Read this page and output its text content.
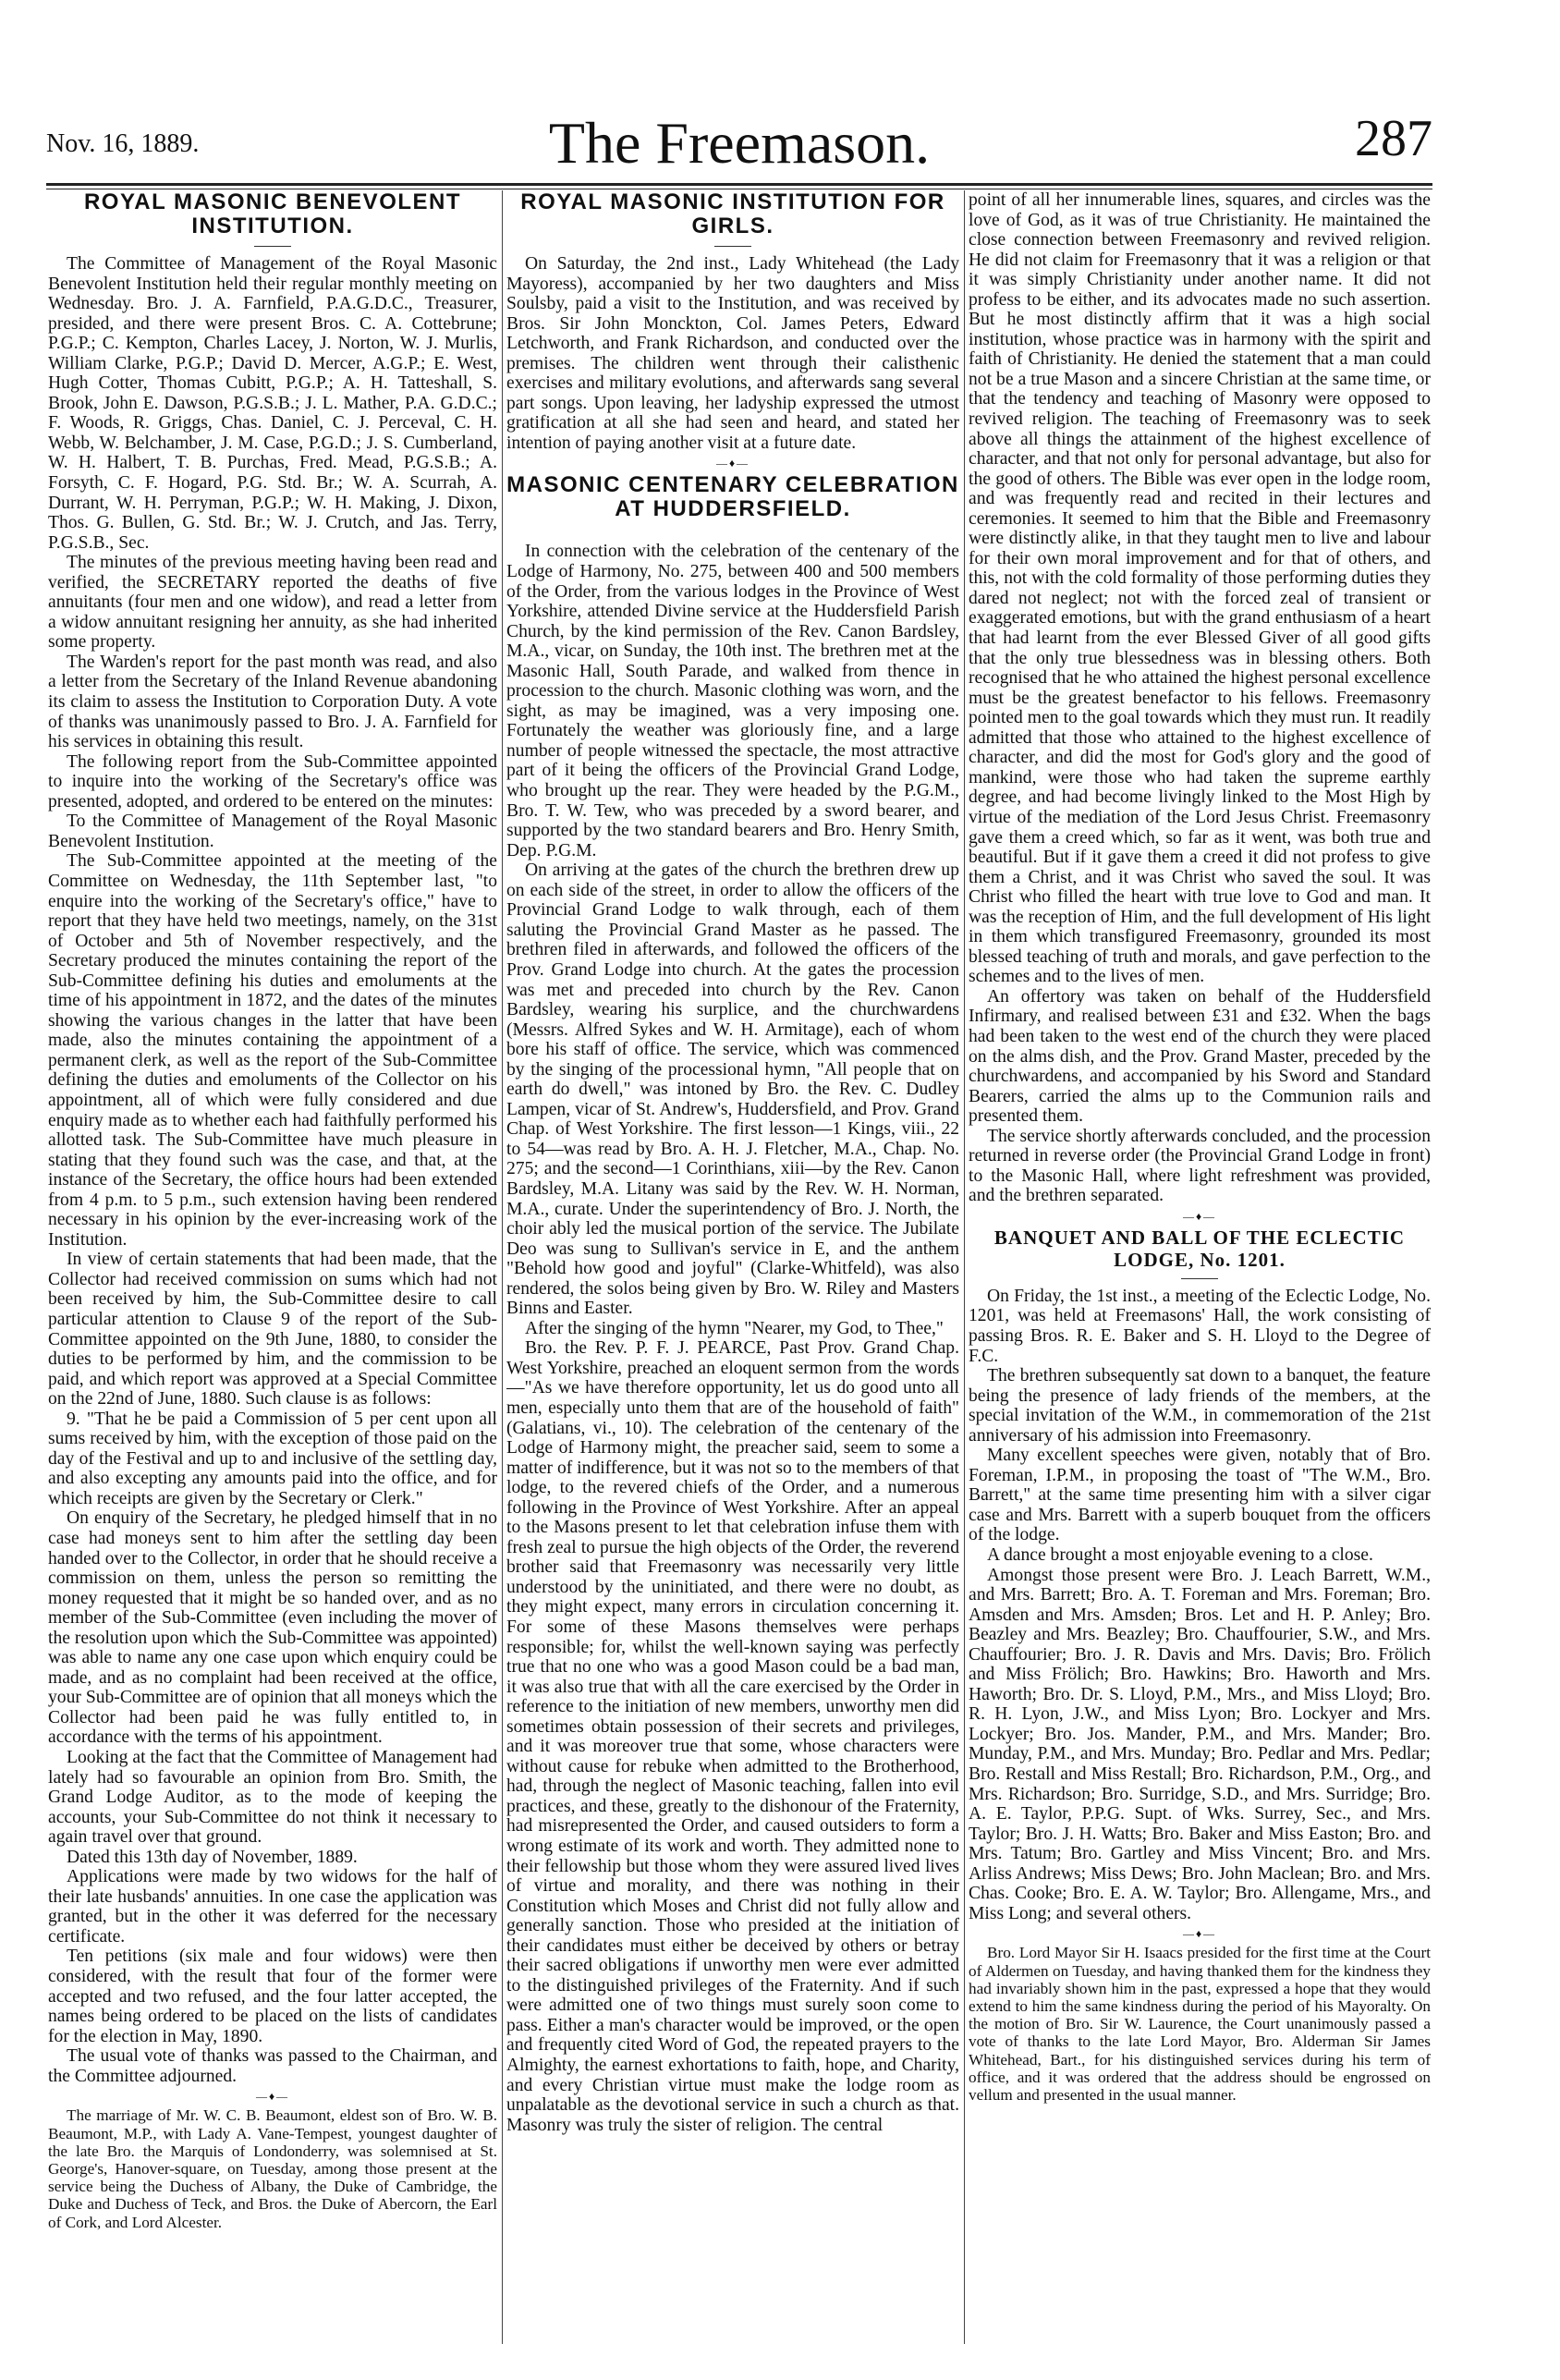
Nov. 16, 1889.	The Freemason.	287
ROYAL MASONIC BENEVOLENT INSTITUTION.

The Committee of Management of the Royal Masonic Benevolent Institution held their regular monthly meeting on Wednesday. Bro. J. A. Farnfield, P.A.G.D.C., Treasurer, presided, and there were present Bros. C. A. Cottebrune; P.G.P.; C. Kempton, Charles Lacey, J. Norton, W. J. Murlis, William Clarke, P.G.P.; David D. Mercer, A.G.P.; E. West, Hugh Cotter, Thomas Cubitt, P.G.P.; A. H. Tatteshall, S. Brook, John E. Dawson, P.G.S.B.; J. L. Mather, P.A. G.D.C.; F. Woods, R. Griggs, Chas. Daniel, C. J. Perceval, C. H. Webb, W. Belchamber, J. M. Case, P.G.D.; J. S. Cumberland, W. H. Halbert, T. B. Purchas, Fred. Mead, P.G.S.B.; A. Forsyth, C. F. Hogard, P.G. Std. Br.; W. A. Scurrah, A. Durrant, W. H. Perryman, P.G.P.; W. H. Making, J. Dixon, Thos. G. Bullen, G. Std. Br.; W. J. Crutch, and Jas. Terry, P.G.S.B., Sec.

The minutes of the previous meeting having been read and verified, the SECRETARY reported the deaths of five annuitants (four men and one widow), and read a letter from a widow annuitant resigning her annuity, as she had inherited some property.

The Warden's report for the past month was read, and also a letter from the Secretary of the Inland Revenue abandoning its claim to assess the Institution to Corporation Duty. A vote of thanks was unanimously passed to Bro. J. A. Farnfield for his services in obtaining this result.

The following report from the Sub-Committee appointed to inquire into the working of the Secretary's office was presented, adopted, and ordered to be entered on the minutes:

To the Committee of Management of the Royal Masonic Benevolent Institution.

The Sub-Committee appointed at the meeting of the Committee on Wednesday, the 11th September last, "to enquire into the working of the Secretary's office," have to report that they have held two meetings, namely, on the 31st of October and 5th of November respectively, and the Secretary produced the minutes containing the report of the Sub-Committee defining his duties and emoluments at the time of his appointment in 1872, and the dates of the minutes showing the various changes in the latter that have been made, also the minutes containing the appointment of a permanent clerk, as well as the report of the Sub-Committee defining the duties and emoluments of the Collector on his appointment, all of which were fully considered and due enquiry made as to whether each had faithfully performed his allotted task. The Sub-Committee have much pleasure in stating that they found such was the case, and that, at the instance of the Secretary, the office hours had been extended from 4 p.m. to 5 p.m., such extension having been rendered necessary in his opinion by the ever-increasing work of the Institution.

In view of certain statements that had been made, that the Collector had received commission on sums which had not been received by him, the Sub-Committee desire to call particular attention to Clause 9 of the report of the Sub-Committee appointed on the 9th June, 1880, to consider the duties to be performed by him, and the commission to be paid, and which report was approved at a Special Committee on the 22nd of June, 1880. Such clause is as follows:

9. "That he be paid a Commission of 5 per cent upon all sums received by him, with the exception of those paid on the day of the Festival and up to and inclusive of the settling day, and also excepting any amounts paid into the office, and for which receipts are given by the Secretary or Clerk."

On enquiry of the Secretary, he pledged himself that in no case had moneys sent to him after the settling day been handed over to the Collector, in order that he should receive a commission on them, unless the person so remitting the money requested that it might be so handed over, and as no member of the Sub-Committee (even including the mover of the resolution upon which the Sub-Committee was appointed) was able to name any one case upon which enquiry could be made, and as no complaint had been received at the office, your Sub-Committee are of opinion that all moneys which the Collector had been paid he was fully entitled to, in accordance with the terms of his appointment.

Looking at the fact that the Committee of Management had lately had so favourable an opinion from Bro. Smith, the Grand Lodge Auditor, as to the mode of keeping the accounts, your Sub-Committee do not think it necessary to again travel over that ground.

Dated this 13th day of November, 1889.

Applications were made by two widows for the half of their late husbands' annuities. In one case the application was granted, but in the other it was deferred for the necessary certificate.

Ten petitions (six male and four widows) were then considered, with the result that four of the former were accepted and two refused, and the four latter accepted, the names being ordered to be placed on the lists of candidates for the election in May, 1890.

The usual vote of thanks was passed to the Chairman, and the Committee adjourned.

—♦—

The marriage of Mr. W. C. B. Beaumont, eldest son of Bro. W. B. Beaumont, M.P., with Lady A. Vane-Tempest, youngest daughter of the late Bro. the Marquis of Londonderry, was solemnised at St. George's, Hanover-square, on Tuesday, among those present at the service being the Duchess of Albany, the Duke of Cambridge, the Duke and Duchess of Teck, and Bros. the Duke of Abercorn, the Earl of Cork, and Lord Alcester.

ROYAL MASONIC INSTITUTION FOR GIRLS.

On Saturday, the 2nd inst., Lady Whitehead (the Lady Mayoress), accompanied by her two daughters and Miss Soulsby, paid a visit to the Institution, and was received by Bros. Sir John Monckton, Col. James Peters, Edward Letchworth, and Frank Richardson, and conducted over the premises. The children went through their calisthenic exercises and military evolutions, and afterwards sang several part songs. Upon leaving, her ladyship expressed the utmost gratification at all she had seen and heard, and stated her intention of paying another visit at a future date.

—♦—
MASONIC CENTENARY CELEBRATION AT HUDDERSFIELD.

In connection with the celebration of the centenary of the Lodge of Harmony, No. 275, between 400 and 500 members of the Order, from the various lodges in the Province of West Yorkshire, attended Divine service at the Huddersfield Parish Church, by the kind permission of the Rev. Canon Bardsley, M.A., vicar, on Sunday, the 10th inst. The brethren met at the Masonic Hall, South Parade, and walked from thence in procession to the church. Masonic clothing was worn, and the sight, as may be imagined, was a very imposing one. Fortunately the weather was gloriously fine, and a large number of people witnessed the spectacle, the most attractive part of it being the officers of the Provincial Grand Lodge, who brought up the rear. They were headed by the P.G.M., Bro. T. W. Tew, who was preceded by a sword bearer, and supported by the two standard bearers and Bro. Henry Smith, Dep. P.G.M.

On arriving at the gates of the church the brethren drew up on each side of the street, in order to allow the officers of the Provincial Grand Lodge to walk through, each of them saluting the Provincial Grand Master as he passed. The brethren filed in afterwards, and followed the officers of the Prov. Grand Lodge into church. At the gates the procession was met and preceded into church by the Rev. Canon Bardsley, wearing his surplice, and the churchwardens (Messrs. Alfred Sykes and W. H. Armitage), each of whom bore his staff of office. The service, which was commenced by the singing of the processional hymn, "All people that on earth do dwell," was intoned by Bro. the Rev. C. Dudley Lampen, vicar of St. Andrew's, Huddersfield, and Prov. Grand Chap. of West Yorkshire. The first lesson—1 Kings, viii., 22 to 54—was read by Bro. A. H. J. Fletcher, M.A., Chap. No. 275; and the second—1 Corinthians, xiii—by the Rev. Canon Bardsley, M.A. Litany was said by the Rev. W. H. Norman, M.A., curate. Under the superintendency of Bro. J. North, the choir ably led the musical portion of the service. The Jubilate Deo was sung to Sullivan's service in E, and the anthem "Behold how good and joyful" (Clarke-Whitfeld), was also rendered, the solos being given by Bro. W. Riley and Masters Binns and Easter.

After the singing of the hymn "Nearer, my God, to Thee,"

Bro. the Rev. P. F. J. PEARCE, Past Prov. Grand Chap. West Yorkshire, preached an eloquent sermon from the words—"As we have therefore opportunity, let us do good unto all men, especially unto them that are of the household of faith" (Galatians, vi., 10). The celebration of the centenary of the Lodge of Harmony might, the preacher said, seem to some a matter of indifference, but it was not so to the members of that lodge, to the revered chiefs of the Order, and a numerous following in the Province of West Yorkshire. After an appeal to the Masons present to let that celebration infuse them with fresh zeal to pursue the high objects of the Order, the reverend brother said that Freemasonry was necessarily very little understood by the uninitiated, and there were no doubt, as they might expect, many errors in circulation concerning it. For some of these Masons themselves were perhaps responsible; for, whilst the well-known saying was perfectly true that no one who was a good Mason could be a bad man, it was also true that with all the care exercised by the Order in reference to the initiation of new members, unworthy men did sometimes obtain possession of their secrets and privileges, and it was moreover true that some, whose characters were without cause for rebuke when admitted to the Brotherhood, had, through the neglect of Masonic teaching, fallen into evil practices, and these, greatly to the dishonour of the Fraternity, had misrepresented the Order, and caused outsiders to form a wrong estimate of its work and worth. They admitted none to their fellowship but those whom they were assured lived lives of virtue and morality, and there was nothing in their Constitution which Moses and Christ did not fully allow and generally sanction. Those who presided at the initiation of their candidates must either be deceived by others or betray their sacred obligations if unworthy men were ever admitted to the distinguished privileges of the Fraternity. And if such were admitted one of two things must surely soon come to pass. Either a man's character would be improved, or the open and frequently cited Word of God, the repeated prayers to the Almighty, the earnest exhortations to faith, hope, and Charity, and every Christian virtue must make the lodge room as unpalatable as the devotional service in such a church as that. Masonry was truly the sister of religion. The central

point of all her innumerable lines, squares, and circles was the love of God, as it was of true Christianity. He maintained the close connection between Freemasonry and revived religion. He did not claim for Freemasonry that it was a religion or that it was simply Christianity under another name. It did not profess to be either, and its advocates made no such assertion. But he most distinctly affirm that it was a high social institution, whose practice was in harmony with the spirit and faith of Christianity. He denied the statement that a man could not be a true Mason and a sincere Christian at the same time, or that the tendency and teaching of Masonry were opposed to revived religion. The teaching of Freemasonry was to seek above all things the attainment of the highest excellence of character, and that not only for personal advantage, but also for the good of others. The Bible was ever open in the lodge room, and was frequently read and recited in their lectures and ceremonies. It seemed to him that the Bible and Freemasonry were distinctly alike, in that they taught men to live and labour for their own moral improvement and for that of others, and this, not with the cold formality of those performing duties they dared not neglect; not with the forced zeal of transient or exaggerated emotions, but with the grand enthusiasm of a heart that had learnt from the ever Blessed Giver of all good gifts that the only true blessedness was in blessing others. Both recognised that he who attained the highest personal excellence must be the greatest benefactor to his fellows. Freemasonry pointed men to the goal towards which they must run. It readily admitted that those who attained to the highest excellence of character, and did the most for God's glory and the good of mankind, were those who had taken the supreme earthly degree, and had become livingly linked to the Most High by virtue of the mediation of the Lord Jesus Christ. Freemasonry gave them a creed which, so far as it went, was both true and beautiful. But if it gave them a creed it did not profess to give them a Christ, and it was Christ who saved the soul. It was Christ who filled the heart with true love to God and man. It was the reception of Him, and the full development of His light in them which transfigured Freemasonry, grounded its most blessed teaching of truth and morals, and gave perfection to the schemes and to the lives of men.

An offertory was taken on behalf of the Huddersfield Infirmary, and realised between £31 and £32. When the bags had been taken to the west end of the church they were placed on the alms dish, and the Prov. Grand Master, preceded by the churchwardens, and accompanied by his Sword and Standard Bearers, carried the alms up to the Communion rails and presented them.

The service shortly afterwards concluded, and the procession returned in reverse order (the Provincial Grand Lodge in front) to the Masonic Hall, where light refreshment was provided, and the brethren separated.

—♦—
BANQUET AND BALL OF THE ECLECTIC LODGE, No. 1201.

On Friday, the 1st inst., a meeting of the Eclectic Lodge, No. 1201, was held at Freemasons' Hall, the work consisting of passing Bros. R. E. Baker and S. H. Lloyd to the Degree of F.C.

The brethren subsequently sat down to a banquet, the feature being the presence of lady friends of the members, at the special invitation of the W.M., in commemoration of the 21st anniversary of his admission into Freemasonry.

Many excellent speeches were given, notably that of Bro. Foreman, I.P.M., in proposing the toast of "The W.M., Bro. Barrett," at the same time presenting him with a silver cigar case and Mrs. Barrett with a superb bouquet from the officers of the lodge.

A dance brought a most enjoyable evening to a close.

Amongst those present were Bro. J. Leach Barrett, W.M., and Mrs. Barrett; Bro. A. T. Foreman and Mrs. Foreman; Bro. Amsden and Mrs. Amsden; Bros. Let and H. P. Anley; Bro. Beazley and Mrs. Beazley; Bro. Chauffourier, S.W., and Mrs. Chauffourier; Bro. J. R. Davis and Mrs. Davis; Bro. Frölich and Miss Frölich; Bro. Hawkins; Bro. Haworth and Mrs. Haworth; Bro. Dr. S. Lloyd, P.M., Mrs., and Miss Lloyd; Bro. R. H. Lyon, J.W., and Miss Lyon; Bro. Lockyer and Mrs. Lockyer; Bro. Jos. Mander, P.M., and Mrs. Mander; Bro. Munday, P.M., and Mrs. Munday; Bro. Pedlar and Mrs. Pedlar; Bro. Restall and Miss Restall; Bro. Richardson, P.M., Org., and Mrs. Richardson; Bro. Surridge, S.D., and Mrs. Surridge; Bro. A. E. Taylor, P.P.G. Supt. of Wks. Surrey, Sec., and Mrs. Taylor; Bro. J. H. Watts; Bro. Baker and Miss Easton; Bro. and Mrs. Tatum; Bro. Gartley and Miss Vincent; Bro. and Mrs. Arliss Andrews; Miss Dews; Bro. John Maclean; Bro. and Mrs. Chas. Cooke; Bro. E. A. W. Taylor; Bro. Allengame, Mrs., and Miss Long; and several others.

—♦—

Bro. Lord Mayor Sir H. Isaacs presided for the first time at the Court of Aldermen on Tuesday, and having thanked them for the kindness they had invariably shown him in the past, expressed a hope that they would extend to him the same kindness during the period of his Mayoralty. On the motion of Bro. Sir W. Laurence, the Court unanimously passed a vote of thanks to the late Lord Mayor, Bro. Alderman Sir James Whitehead, Bart., for his distinguished services during his term of office, and it was ordered that the address should be engrossed on vellum and presented in the usual manner.
